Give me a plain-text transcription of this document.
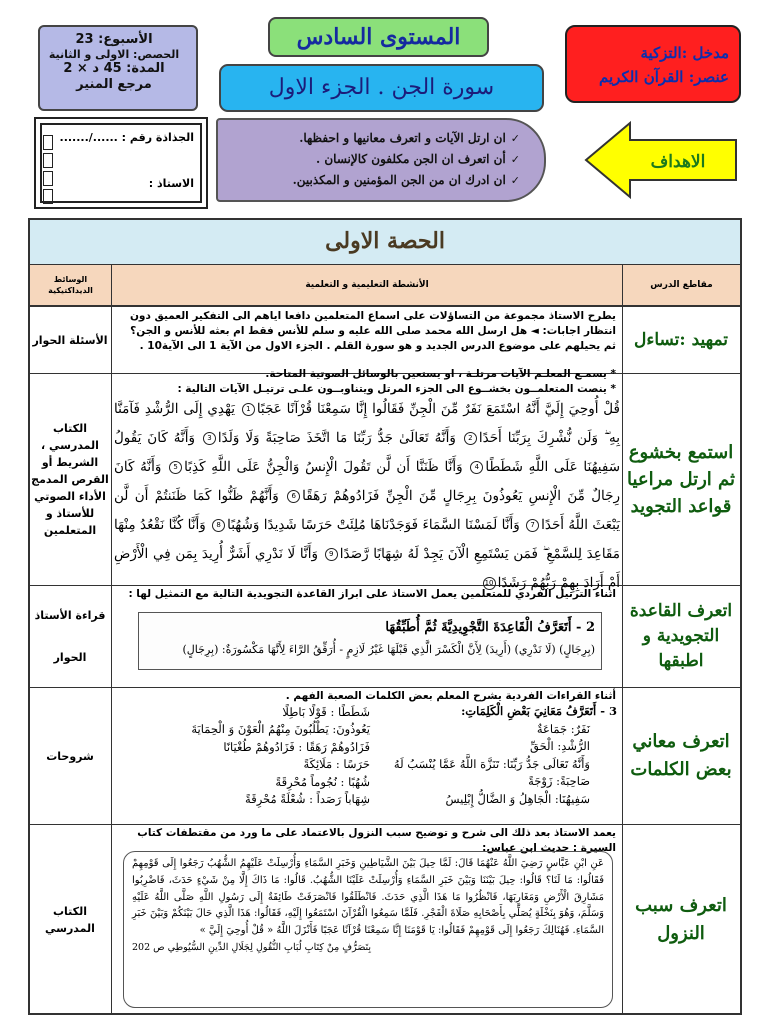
مدخل :التزكية
عنصر: القرآن الكريم
المستوى السادس
سورة الجن . الجزء الاول
الأسبوع: 23
الحصص: الاولى و الثانية
المدة: 45 د × 2
مرجع المنير
الجذاذة رقم : ....../.......
الاستاذ :
✓ان ارتل الآيات و اتعرف معانيها و احفظها.
✓أن اتعرف ان الجن مكلفون كالإنسان .
✓ان ادرك ان من الجن المؤمنين و المكذبين.
الاهداف
الحصة الاولى
مقاطع الدرس
الأنشطة التعليمية و التعلمية
الوسائط الديداكتيكية
تمهيد :تساءل
يطرح الاستاذ مجموعة من التساؤلات على اسماع المتعلمين دافعا اياهم الى التفكير العميق دون انتظار اجابات: ◄ هل ارسل الله محمد صلى الله عليه و سلم للأنس فقط ام بعثه للأنس و الجن؟
ثم يحيلهم على موضوع الدرس الجديد و هو سورة القلم . الجزء الاول من الآية 1 الى الآية10 .
الأسئلة الحوار
استمع بخشوع ثم ارتل مراعيا قواعد التجويد
* يسمـع المعلـم الآيات مرتلـة ، او يستعين بالوسائل الصوتية المتاحة.
* ينصت المتعلمــون بخشــوع الى الجزء المرتل ويتناوبــون علـى ترتيـل الآيات التالية :
قُلْ أُوحِيَ إِلَيَّ أَنَّهُ اسْتَمَعَ نَفَرٌ مِّنَ الْجِنِّ فَقَالُوا إِنَّا سَمِعْنَا قُرْآنًا عَجَبًا1 يَهْدِي إِلَى الرُّشْدِ فَآمَنَّا بِهِ ۖ وَلَن نُّشْرِكَ بِرَبِّنَا أَحَدًا2 وَأَنَّهُ تَعَالَىٰ جَدُّ رَبِّنَا مَا اتَّخَذَ صَاحِبَةً وَلَا وَلَدًا3 وَأَنَّهُ كَانَ يَقُولُ سَفِيهُنَا عَلَى اللَّهِ شَطَطًا4 وَأَنَّا ظَنَنَّا أَن لَّن تَقُولَ الْإِنسُ وَالْجِنُّ عَلَى اللَّهِ كَذِبًا5 وَأَنَّهُ كَانَ رِجَالٌ مِّنَ الْإِنسِ يَعُوذُونَ بِرِجَالٍ مِّنَ الْجِنِّ فَزَادُوهُمْ رَهَقًا6 وَأَنَّهُمْ ظَنُّوا كَمَا ظَنَنتُمْ أَن لَّن يَبْعَثَ اللَّهُ أَحَدًا7 وَأَنَّا لَمَسْنَا السَّمَاءَ فَوَجَدْنَاهَا مُلِئَتْ حَرَسًا شَدِيدًا وَشُهُبًا8 وَأَنَّا كُنَّا نَقْعُدُ مِنْهَا مَقَاعِدَ لِلسَّمْعِ ۖ فَمَن يَسْتَمِعِ الْآنَ يَجِدْ لَهُ شِهَابًا رَّصَدًا9 وَأَنَّا لَا نَدْرِي أَشَرٌّ أُرِيدَ بِمَن فِي الْأَرْضِ أَمْ أَرَادَ بِهِمْ رَبُّهُمْ رَشَدًا10
الكتاب المدرسي ، الشريط أو القرص المدمج الأداء الصوتي للأستاذ و المتعلمين
اتعرف القاعدة التجويدية و اطبقها
اثناء الترتيل الفردي للمتعلمين يعمل الاستاذ على ابراز القاعدة التجويدية التالية مع التمثيل لها :
2 - أَتَعَرَّفُ الْقَاعِدَةَ التَّجْوِيدِيَّةَ ثُمَّ أُطَبِّقُهَا
(بِرِجَالٍ) (لَا نَدْرِي) (أَرِيدَ) لِأَنَّ الْكَسْرَ الَّذِي قَبْلَهَا غَيْرُ لَازِمٍ - أُرَقِّقُ الرَّاءَ لِأَنَّهَا مَكْسُورَةٌ: (بِرِجَالٍ)
قراءة الأستاذ
الحوار
اتعرف معاني بعض الكلمات
أثناء القراءات الفردية يشرح المعلم بعض الكلمات الصعبة الفهم .
3 - أَتَعَرَّفُ مَعَانِيَ بَعْضِ الْكَلِمَاتِ:
نَفَرٌ: جَمَاعَةٌ
الرُّشْدِ: الْحَقِّ
وَأَنَّهُ تَعَالَى جَدُّ رَبِّنَا: تَنَزَّهَ اللَّهُ عَمَّا يُنْسَبُ لَهُ
صَاحِبَةً: زَوْجَةً
سَفِيهُنَا: الْجَاهِلُ وَ الضَّالُّ إِبْلِيسُ
شَطَطًا : قَوْلًا بَاطِلًا
يَعُوذُونَ: يَطْلُبُونَ مِنْهُمُ الْعَوْنَ وَ الْحِمَايَةَ
فَزَادُوهُمْ رَهَقًا : فَزَادُوهُمْ طُغْيَانًا
حَرَسًا : مَلَائِكَةً
شُهُبًا : نُجُوماً مُحْرِقَةً
شِهَاباً رَصَداً : شُعْلَةً مُحْرِقَةً
شروحات
اتعرف سبب النزول
يعمد الاستاذ بعد ذلك الى شرح و توضيح سبب النزول بالاعتماد على ما ورد من مقتطفات كتاب السيرة : حديث ابن عباس:
عَنِ ابْنِ عَبَّاسٍ رَضِيَ اللَّهُ عَنْهُمَا قَالَ: لَمَّا حِيلَ بَيْنَ الشَّيَاطِينِ وَخَبَرِ السَّمَاءِ وَأُرْسِلَتْ عَلَيْهِمُ الشُّهُبُ رَجَعُوا إِلَى قَوْمِهِمْ فَقَالُوا: مَا لَنَا؟ قَالُوا: حِيلَ بَيْنَنَا وَبَيْنَ خَبَرِ السَّمَاءِ وَأُرْسِلَتْ عَلَيْنَا الشُّهُبُ. قَالُوا: مَا ذَاكَ إِلَّا مِنْ شَيْءٍ حَدَثَ، فَاضْرِبُوا مَشَارِقَ الْأَرْضِ وَمَغَارِبَهَا، فَانْظُرُوا مَا هَذَا الَّذِي حَدَثَ. فَانْطَلَقُوا فَانْصَرَفَتْ طَائِفَةٌ إِلَى رَسُولِ اللَّهِ صَلَّى اللَّهُ عَلَيْهِ وَسَلَّمَ، وَهُوَ بِنَخْلَةٍ يُصَلِّي بِأَصْحَابِهِ صَلَاةَ الْفَجْرِ. فَلَمَّا سَمِعُوا الْقُرْآنَ اسْتَمَعُوا إِلَيْهِ، فَقَالُوا: هَذَا الَّذِي حَالَ بَيْنَكُمْ وَبَيْنَ خَبَرِ السَّمَاءِ. فَهُنَالِكَ رَجَعُوا إِلَى قَوْمِهِمْ فَقَالُوا: يَا قَوْمَنَا إِنَّا سَمِعْنَا قُرْآنًا عَجَبًا فَأَنْزَلَ اللَّهُ « قُلْ أُوحِيَ إِلَيَّ »
بِتَصَرُّفٍ مِنْ كِتَابِ لُبَابِ النُّقُولِ لِجَلَالِ الدِّينِ السُّيُوطِي ص 202
الكتاب المدرسي
